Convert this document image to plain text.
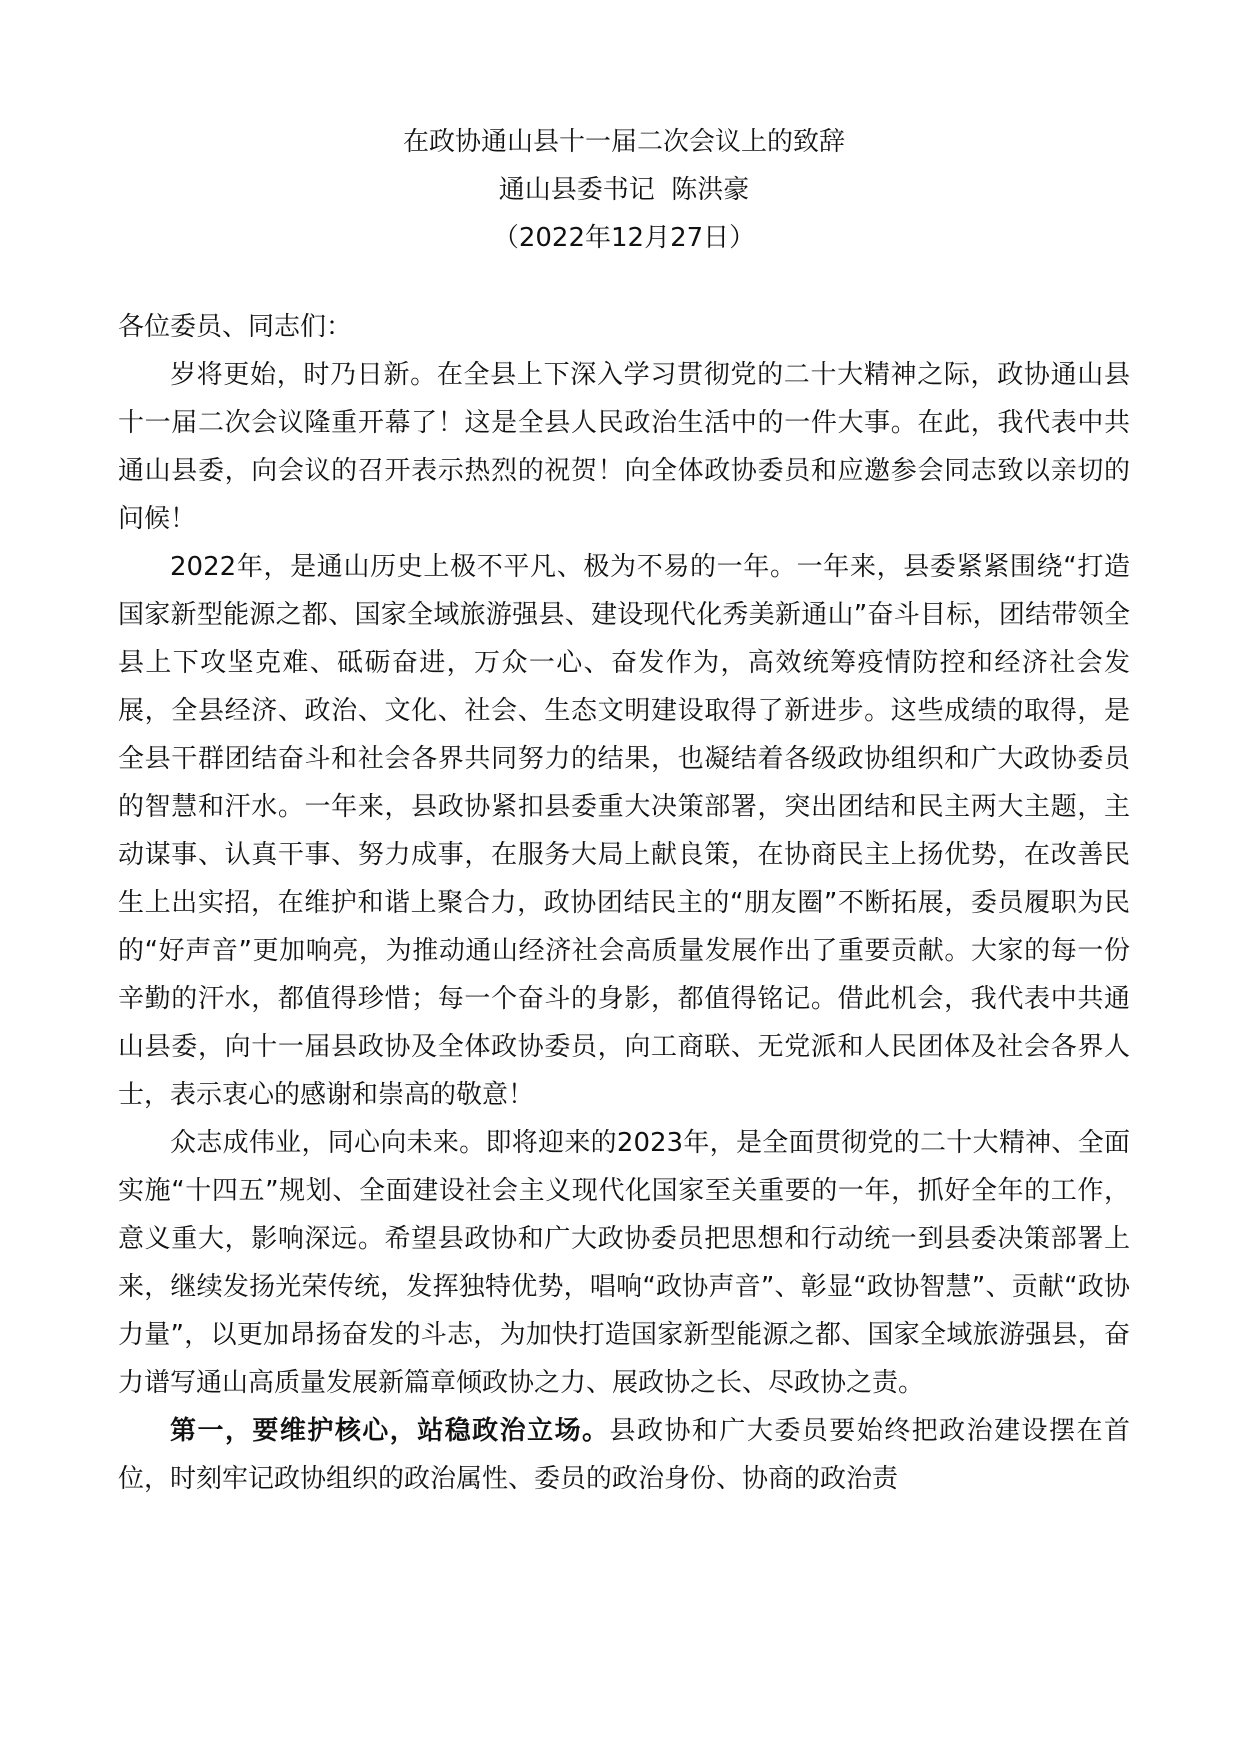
在政协通山县十一届二次会议上的致辞
通山县委书记  陈洪豪
（2022年12月27日）
各位委员、同志们：

岁将更始，时乃日新。在全县上下深入学习贯彻党的二十大精神之际，政协通山县十一届二次会议隆重开幕了！这是全县人民政治生活中的一件大事。在此，我代表中共通山县委，向会议的召开表示热烈的祝贺！向全体政协委员和应邀参会同志致以亲切的问候！

2022年，是通山历史上极不平凡、极为不易的一年。一年来，县委紧紧围绕“打造国家新型能源之都、国家全域旅游强县、建设现代化秀美新通山”奋斗目标，团结带领全县上下攻坚克难、砥砺奋进，万众一心、奋发作为，高效统筹疫情防控和经济社会发展，全县经济、政治、文化、社会、生态文明建设取得了新进步。这些成绩的取得，是全县干群团结奋斗和社会各界共同努力的结果，也凝结着各级政协组织和广大政协委员的智慧和汗水。一年来，县政协紧扣县委重大决策部署，突出团结和民主两大主题，主动谋事、认真干事、努力成事，在服务大局上献良策，在协商民主上扬优势，在改善民生上出实招，在维护和谐上聚合力，政协团结民主的“朋友圈”不断拓展，委员履职为民的“好声音”更加响亮，为推动通山经济社会高质量发展作出了重要贡献。大家的每一份辛勤的汗水，都值得珍惜；每一个奋斗的身影，都值得铭记。借此机会，我代表中共通山县委，向十一届县政协及全体政协委员，向工商联、无党派和人民团体及社会各界人士，表示衷心的感谢和崇高的敬意！

众志成伟业，同心向未来。即将迎来的2023年，是全面贯彻党的二十大精神、全面实施“十四五”规划、全面建设社会主义现代化国家至关重要的一年，抓好全年的工作，意义重大，影响深远。希望县政协和广大政协委员把思想和行动统一到县委决策部署上来，继续发扬光荣传统，发挥独特优势，唱响“政协声音”、彰显“政协智慧”、贡献“政协力量”，以更加昂扬奋发的斗志，为加快打造国家新型能源之都、国家全域旅游强县，奋力谱写通山高质量发展新篇章倾政协之力、展政协之长、尽政协之责。

第一，要维护核心，站稳政治立场。县政协和广大委员要始终把政治建设摆在首位，时刻牢记政协组织的政治属性、委员的政治身份、协商的政治责
